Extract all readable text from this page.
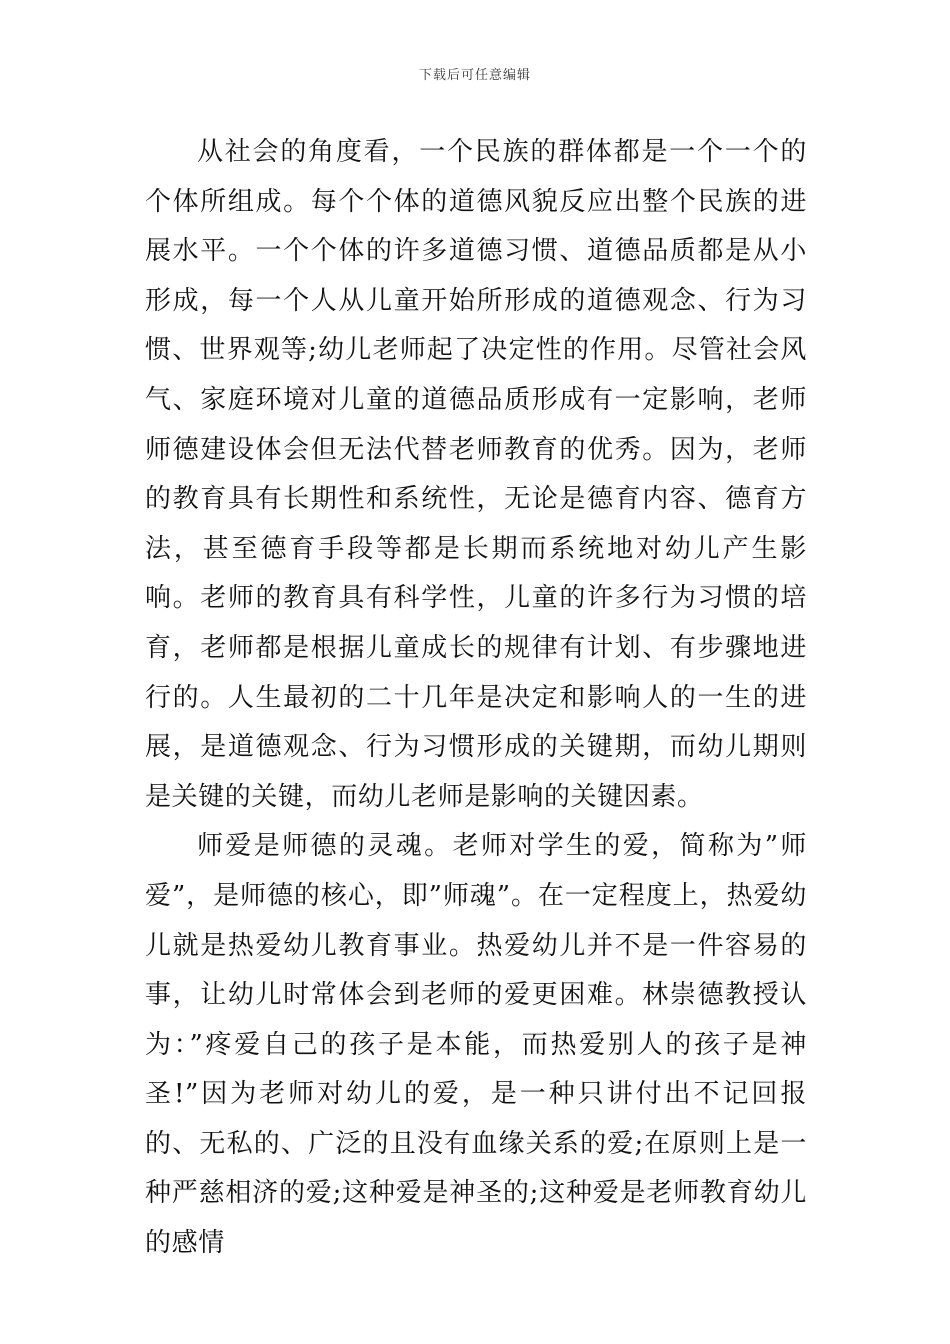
下载后可任意编辑

从社会的角度看，一个民族的群体都是一个一个的个体所组成。每个个体的道德风貌反应出整个民族的进展水平。一个个体的许多道德习惯、道德品质都是从小形成，每一个人从儿童开始所形成的道德观念、行为习惯、世界观等;幼儿老师起了决定性的作用。尽管社会风气、家庭环境对儿童的道德品质形成有一定影响，老师师德建设体会但无法代替老师教育的优秀。因为，老师的教育具有长期性和系统性，无论是德育内容、德育方法，甚至德育手段等都是长期而系统地对幼儿产生影响。老师的教育具有科学性，儿童的许多行为习惯的培育，老师都是根据儿童成长的规律有计划、有步骤地进行的。人生最初的二十几年是决定和影响人的一生的进展，是道德观念、行为习惯形成的关键期，而幼儿期则是关键的关键，而幼儿老师是影响的关键因素。

师爱是师德的灵魂。老师对学生的爱，简称为”师爱”，是师德的核心，即”师魂”。在一定程度上，热爱幼儿就是热爱幼儿教育事业。热爱幼儿并不是一件容易的事，让幼儿时常体会到老师的爱更困难。林崇德教授认为：”疼爱自己的孩子是本能，而热爱别人的孩子是神圣!”因为老师对幼儿的爱，是一种只讲付出不记回报的、无私的、广泛的且没有血缘关系的爱;在原则上是一种严慈相济的爱;这种爱是神圣的;这种爱是老师教育幼儿的感情
